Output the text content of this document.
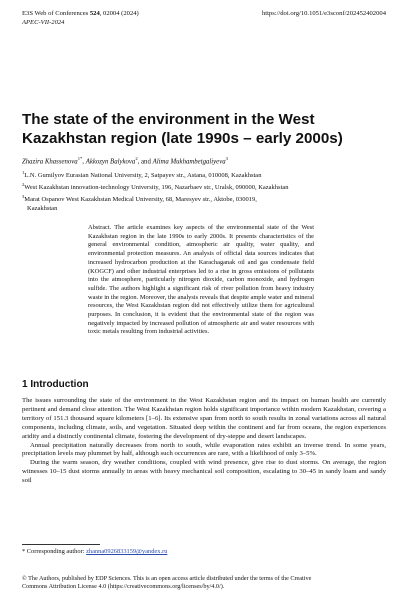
E3S Web of Conferences 524, 02004 (2024)
APEC-VII-2024
https://doi.org/10.1051/e3sconf/202452402004
The state of the environment in the West Kazakhstan region (late 1990s – early 2000s)
Zhazira Khassenova$^{1*}$, Akkozyn Balykova$^2$, and Alima Mukhambetgaliyeva$^3$
$^1$L.N. Gumilyov Eurasian National University, 2, Satpayev str., Astana, 010008, Kazakhstan
$^2$West Kazakhstan innovation-technology University, 196, Nazarbaev str., Uralsk, 090000, Kazakhstan
$^3$Marat Ospanov West Kazakhstan Medical University, 68, Maresyev str., Aktobe, 030019,
Kazakhstan
Abstract. The article examines key aspects of the environmental state of the West Kazakhstan region in the late 1990s to early 2000s. It presents characteristics of the general environmental condition, atmospheric air quality, water quality, and environmental protection measures. An analysis of official data sources indicates that increased hydrocarbon production at the Karachaganak oil and gas condensate field (KOGCF) and other industrial enterprises led to a rise in gross emissions of pollutants into the atmosphere, particularly nitrogen dioxide, carbon monoxide, and hydrogen sulfide. The authors highlight a significant risk of river pollution from heavy industry waste in the region. Moreover, the analysis reveals that despite ample water and mineral resources, the West Kazakhstan region did not effectively utilize them for agricultural purposes. In conclusion, it is evident that the environmental state of the region was negatively impacted by increased pollution of atmospheric air and water resources with toxic metals resulting from industrial activities.
1 Introduction

The issues surrounding the state of the environment in the West Kazakhstan region and its impact on human health are currently pertinent and demand close attention. The West Kazakhstan region holds significant importance within modern Kazakhstan, covering a territory of 151.3 thousand square kilometers [1–6]. Its extensive span from north to south results in zonal variations across all natural components, including climate, soils, and vegetation. Situated deep within the continent and far from oceans, the region experiences aridity and a distinctly continental climate, fostering the development of dry-steppe and desert landscapes.

Annual precipitation naturally decreases from north to south, while evaporation rates exhibit an inverse trend. In some years, precipitation levels may plummet by half, although such occurrences are rare, with a likelihood of only 3–5%.

During the warm season, dry weather conditions, coupled with wind presence, give rise to dust storms. On average, the region witnesses 10–15 dust storms annually in areas with heavy mechanical soil composition, escalating to 30–45 in sandy loam and sandy soil

* Corresponding author: zhanna0926833159@yandex.ru
© The Authors, published by EDP Sciences. This is an open access article distributed under the terms of the Creative
Commons Attribution License 4.0 (https://creativecommons.org/licenses/by/4.0/).
